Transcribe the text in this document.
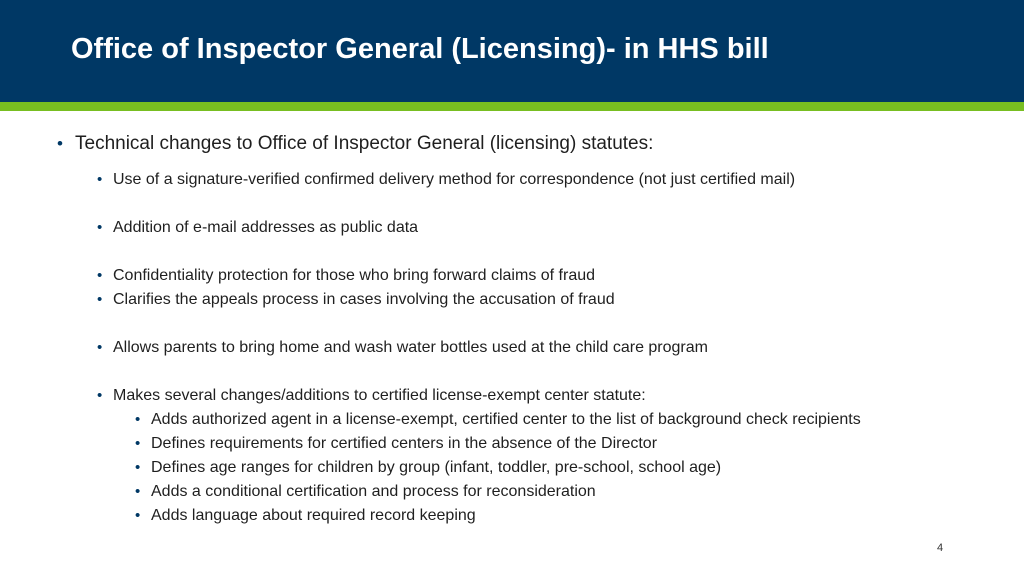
Office of Inspector General (Licensing)- in HHS bill
• Technical changes to Office of Inspector General (licensing) statutes:
• Use of a signature-verified confirmed delivery method for correspondence (not just certified mail)
• Addition of e-mail addresses as public data
• Confidentiality protection for those who bring forward claims of fraud
• Clarifies the appeals process in cases involving the accusation of fraud
• Allows parents to bring home and wash water bottles used at the child care program
• Makes several changes/additions to certified license-exempt center statute:
• Adds authorized agent in a license-exempt, certified center to the list of background check recipients
• Defines requirements for certified centers in the absence of the Director
• Defines age ranges for children by group (infant, toddler, pre-school, school age)
• Adds a conditional certification and process for reconsideration
• Adds language about required record keeping
4
